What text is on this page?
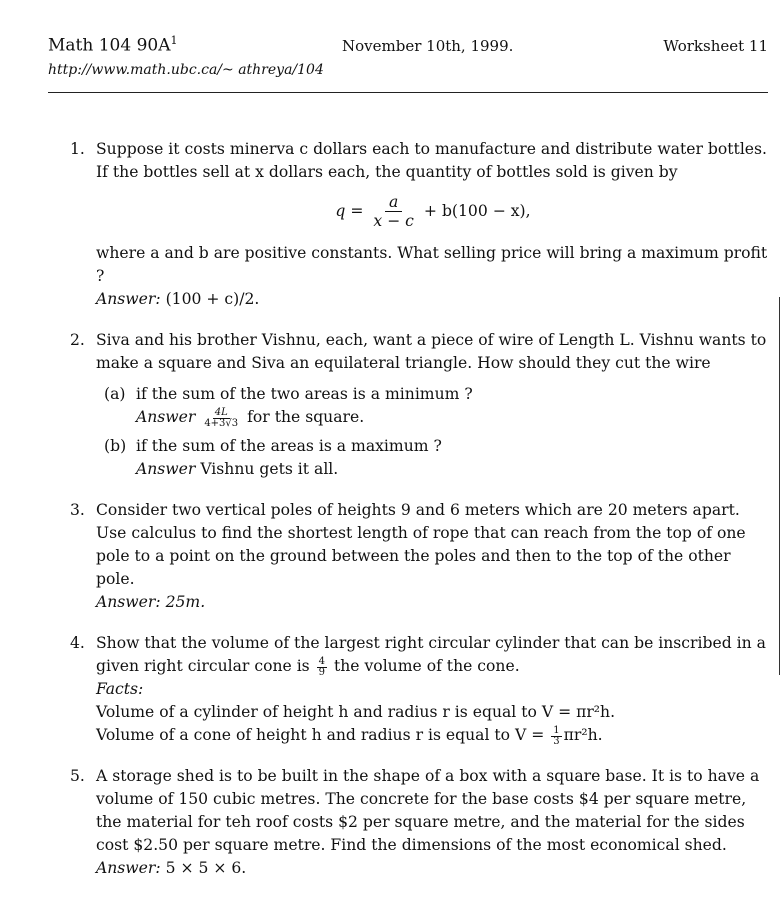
Math 104 $90A^1$	November 10th, 1999.	Worksheet 11
http://www.math.ubc.ca/~ athreya/104
1. Suppose it costs minerva c dollars each to manufacture and distribute water bottles. If the bottles sell at x dollars each, the quantity of bottles sold is given by
$q = \frac{a}{x - c} + b(100 - x)$,
where a and b are positive constants. What selling price will bring a maximum profit ?
Answer: (100 + c)/2.
2. Siva and his brother Vishnu, each, want a piece of wire of Length L. Vishnu wants to make a square and Siva an equilateral triangle. How should they cut the wire
(a) if the sum of the two areas is a minimum ?
Answer $\frac{4L}{4+3√3}$ for the square.
(b) if the sum of the areas is a maximum ?
Answer Vishnu gets it all.
3. Consider two vertical poles of heights 9 and 6 meters which are 20 meters apart. Use calculus to find the shortest length of rope that can reach from the top of one pole to a point on the ground between the poles and then to the top of the other pole.
Answer: 25m.
4. Show that the volume of the largest right circular cylinder that can be inscribed in a given right circular cone is $\frac{4}{9}$ the volume of the cone.
Facts:
Volume of a cylinder of height h and radius r is equal to V = πr²h.
Volume of a cone of height h and radius r is equal to $V = \frac{1}{3} \pi r^2h$.
5. A storage shed is to be built in the shape of a box with a square base. It is to have a volume of 150 cubic metres. The concrete for the base costs $4 per square metre, the material for teh roof costs $2 per square metre, and the material for the sides cost $2.50 per square metre. Find the dimensions of the most economical shed.
Answer: 5 × 5 × 6.
